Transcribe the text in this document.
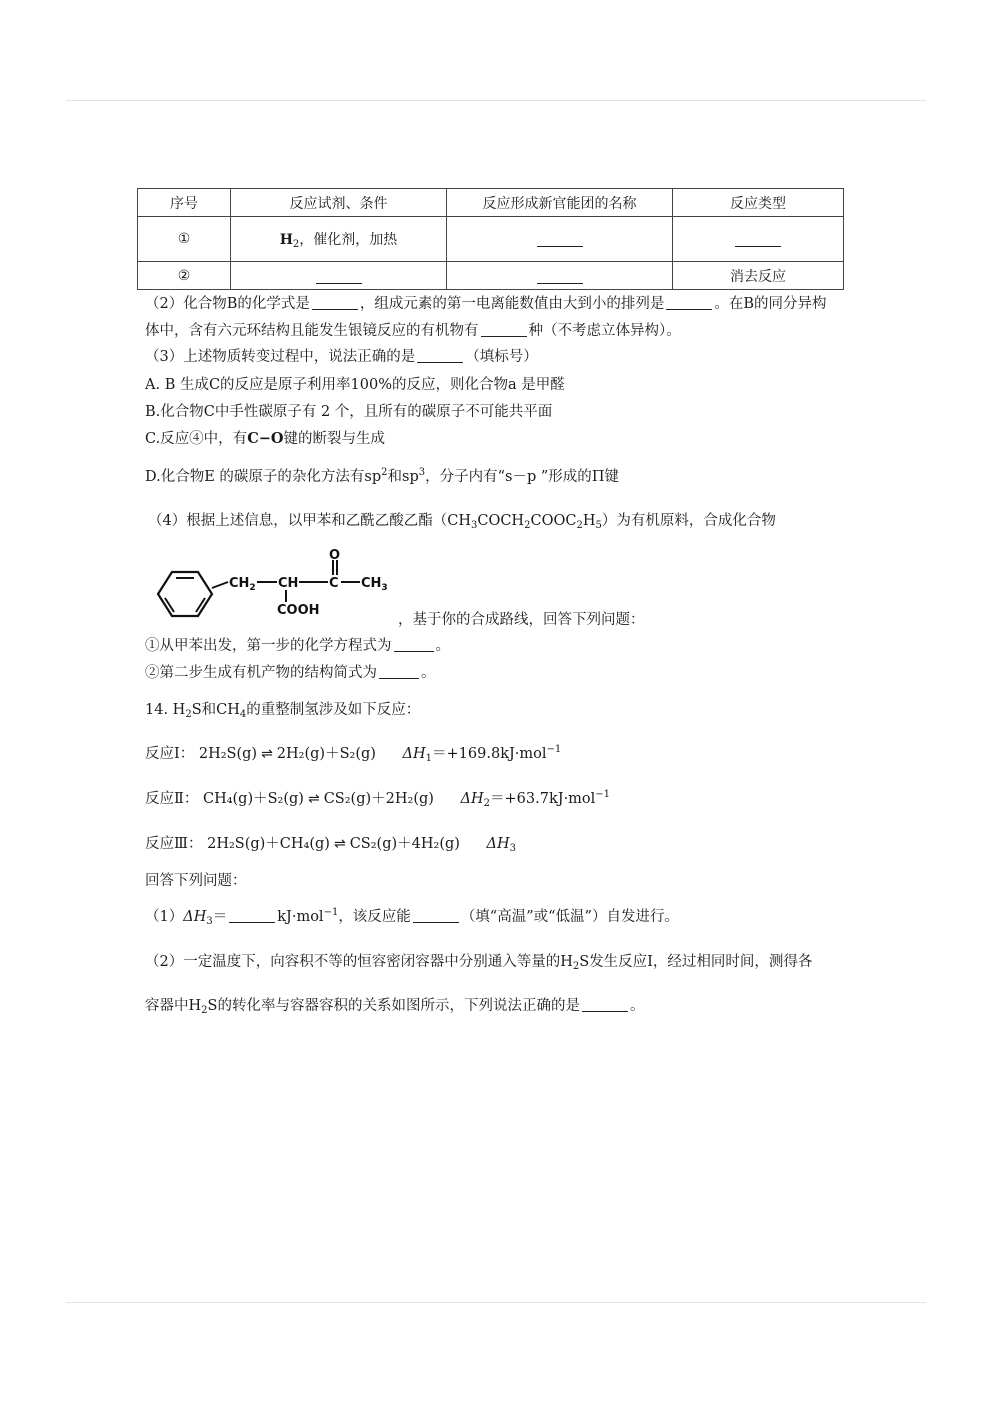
序号	反应试剂、条件	反应形成新官能团的名称	反应类型
①	$H_2$，催化剂，加热		
②			消去反应
（2）化合物B的化学式是	，组成元素的第一电离能数值由大到小的排列是	。在B的同分异构
体中，含有六元环结构且能发生银镜反应的有机物有	种（不考虑立体异构）。
（3）上述物质转变过程中，说法正确的是	（填标号）
A. B 生成C的反应是原子利用率100%的反应，则化合物a 是甲醛
B.化合物C中手性碳原子有 2 个，且所有的碳原子不可能共平面
C.反应④中，有C−O键的断裂与生成
D.化合物E 的碳原子的杂化方法有$sp^2$和$sp^3$，分子内有“s－p ”形成的Π键
（4）根据上述信息，以甲苯和乙酰乙酸乙酯$(CH_3COCH_2COOC_2H_5)$为有机原料，合成化合物
$CH_2$ CH
COOH
C
O
$CH_3$
，基于你的合成路线，回答下列问题：
①从甲苯出发，第一步的化学方程式为	。
②第二步生成有机产物的结构简式为	。
14. $H_2S$和$CH_4$的重整制氢涉及如下反应：
反应Ⅰ： 2H₂S(g) ⇌ 2H₂(g)＋S₂(g) $\Delta H_1=+169.8kJ\cdot mol^{-1}$
反应Ⅱ： CH₄(g)＋S₂(g) ⇌ CS₂(g)＋2H₂(g) $\Delta H_2=+63.7kJ\cdot mol^{-1}$
反应Ⅲ： 2H₂S(g)＋CH₄(g) ⇌ CS₂(g)＋4H₂(g) $\Delta H_3$
回答下列问题：
$(1)\Delta H_3=$	kJ·mol$^{-1}$，该反应能	（填“高温”或“低温”）自发进行。
（2）一定温度下，向容积不等的恒容密闭容器中分别通入等量的$H_2S$发生反应Ⅰ，经过相同时间，测得各
容器中$H_2S$的转化率与容器容积的关系如图所示，下列说法正确的是	。
